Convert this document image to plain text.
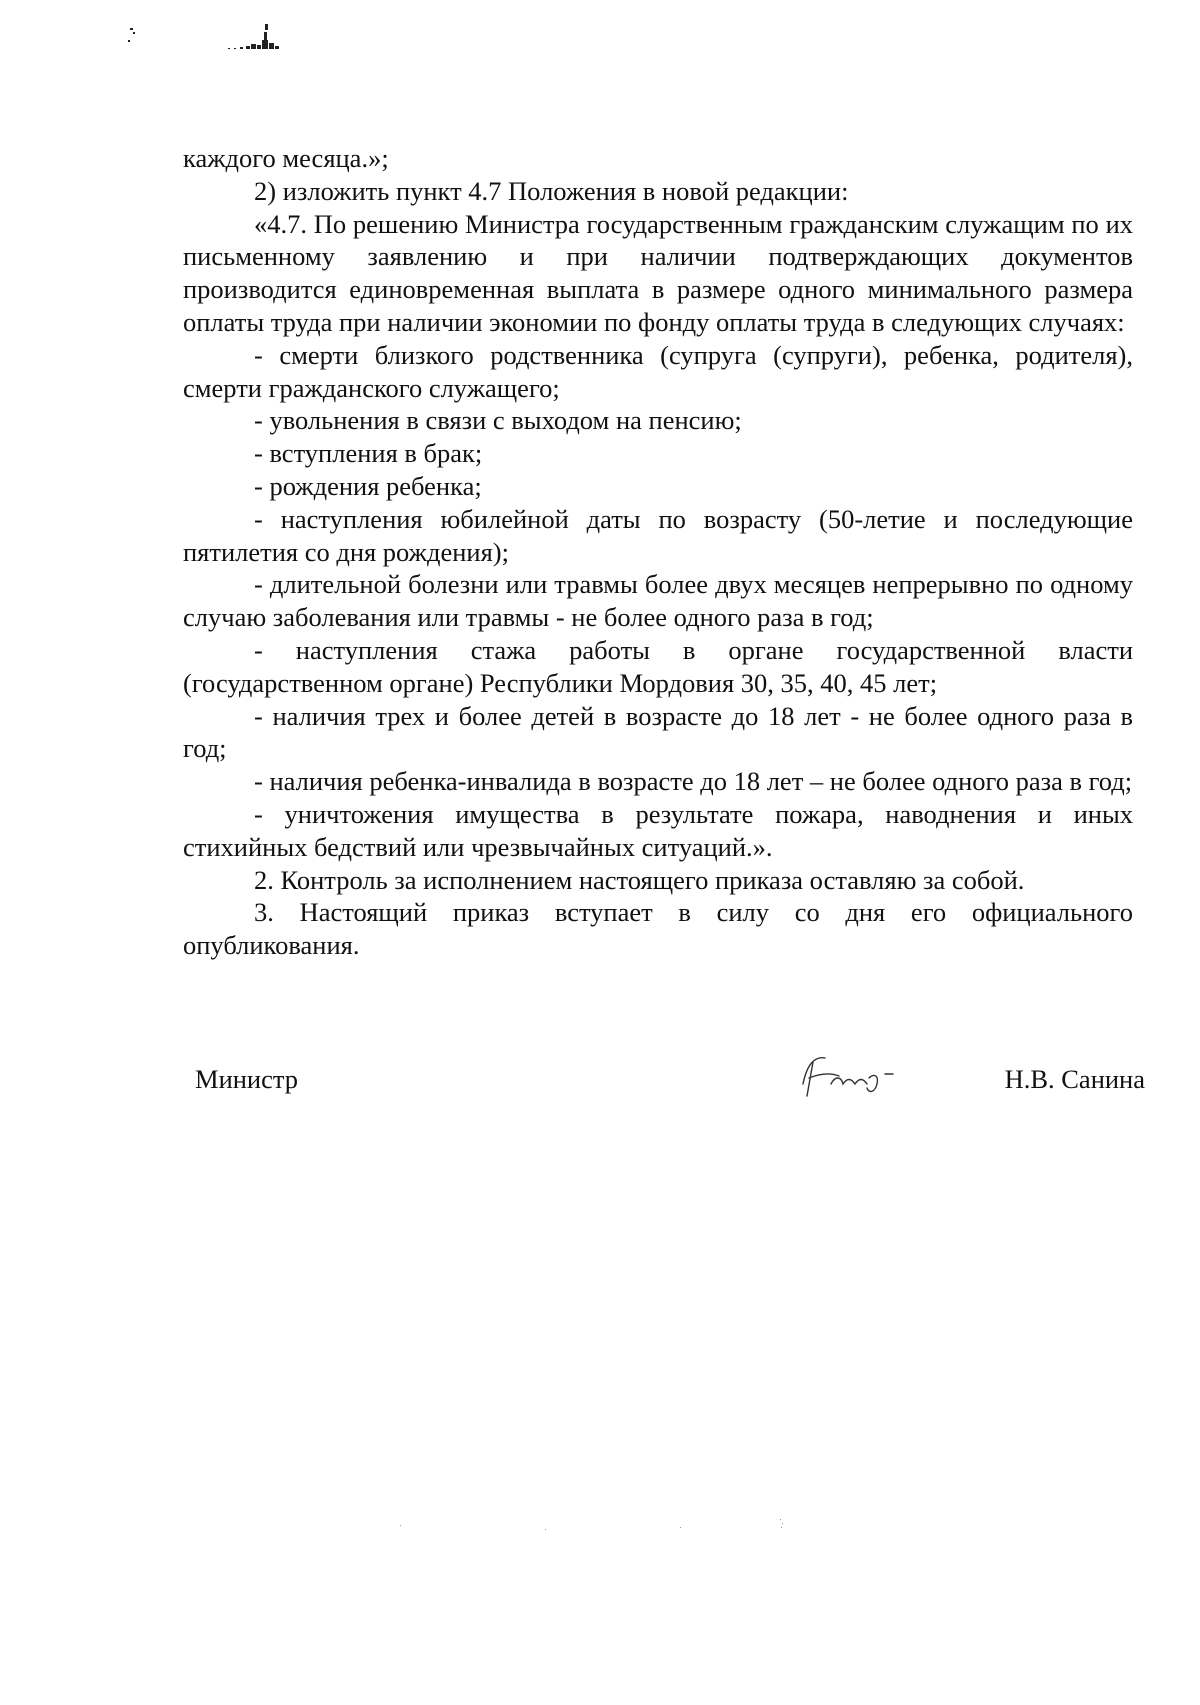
каждого месяца.»;

2) изложить пункт 4.7 Положения в новой редакции:

«4.7. По решению Министра государственным гражданским служащим по их письменному заявлению и при наличии подтверждающих документов производится единовременная выплата в размере одного минимального размера оплаты труда при наличии экономии по фонду оплаты труда в следующих случаях:

- смерти близкого родственника (супруга (супруги), ребенка, родителя), смерти гражданского служащего;

- увольнения в связи с выходом на пенсию;

- вступления в брак;

- рождения ребенка;

- наступления юбилейной даты по возрасту (50-летие и последующие пятилетия со дня рождения);

- длительной болезни или травмы более двух месяцев непрерывно по одному случаю заболевания или травмы - не более одного раза в год;

- наступления стажа работы в органе государственной власти (государственном органе) Республики Мордовия 30, 35, 40, 45 лет;

- наличия трех и более детей в возрасте до 18 лет - не более одного раза в год;

- наличия ребенка-инвалида в возрасте до 18 лет – не более одного раза в год;

- уничтожения имущества в результате пожара, наводнения и иных стихийных бедствий или чрезвычайных ситуаций.».

2. Контроль за исполнением настоящего приказа оставляю за собой.

3. Настоящий приказ вступает в силу со дня его официального опубликования.

Министр	Н.В. Санина
